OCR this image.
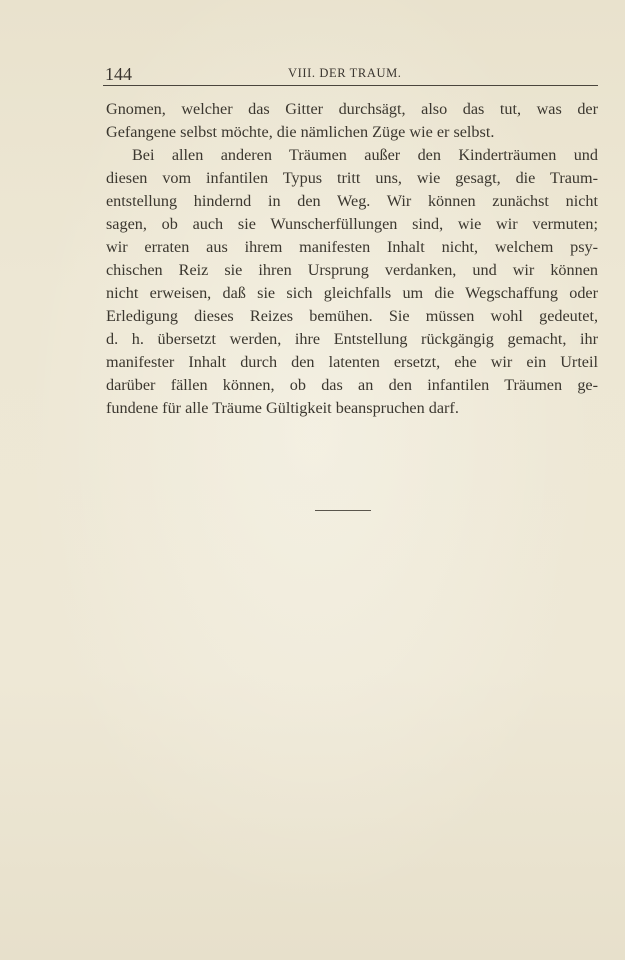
144	VIII. DER TRAUM.
Gnomen, welcher das Gitter durchsägt, also das tut, was der
Gefangene selbst möchte, die nämlichen Züge wie er selbst.
Bei allen anderen Träumen außer den Kinderträumen und
diesen vom infantilen Typus tritt uns, wie gesagt, die Traum-
entstellung hindernd in den Weg. Wir können zunächst nicht
sagen, ob auch sie Wunscherfüllungen sind, wie wir vermuten;
wir erraten aus ihrem manifesten Inhalt nicht, welchem psy-
chischen Reiz sie ihren Ursprung verdanken, und wir können
nicht erweisen, daß sie sich gleichfalls um die Wegschaffung oder
Erledigung dieses Reizes bemühen. Sie müssen wohl gedeutet,
d. h. übersetzt werden, ihre Entstellung rückgängig gemacht, ihr
manifester Inhalt durch den latenten ersetzt, ehe wir ein Urteil
darüber fällen können, ob das an den infantilen Träumen ge-
fundene für alle Träume Gültigkeit beanspruchen darf.
